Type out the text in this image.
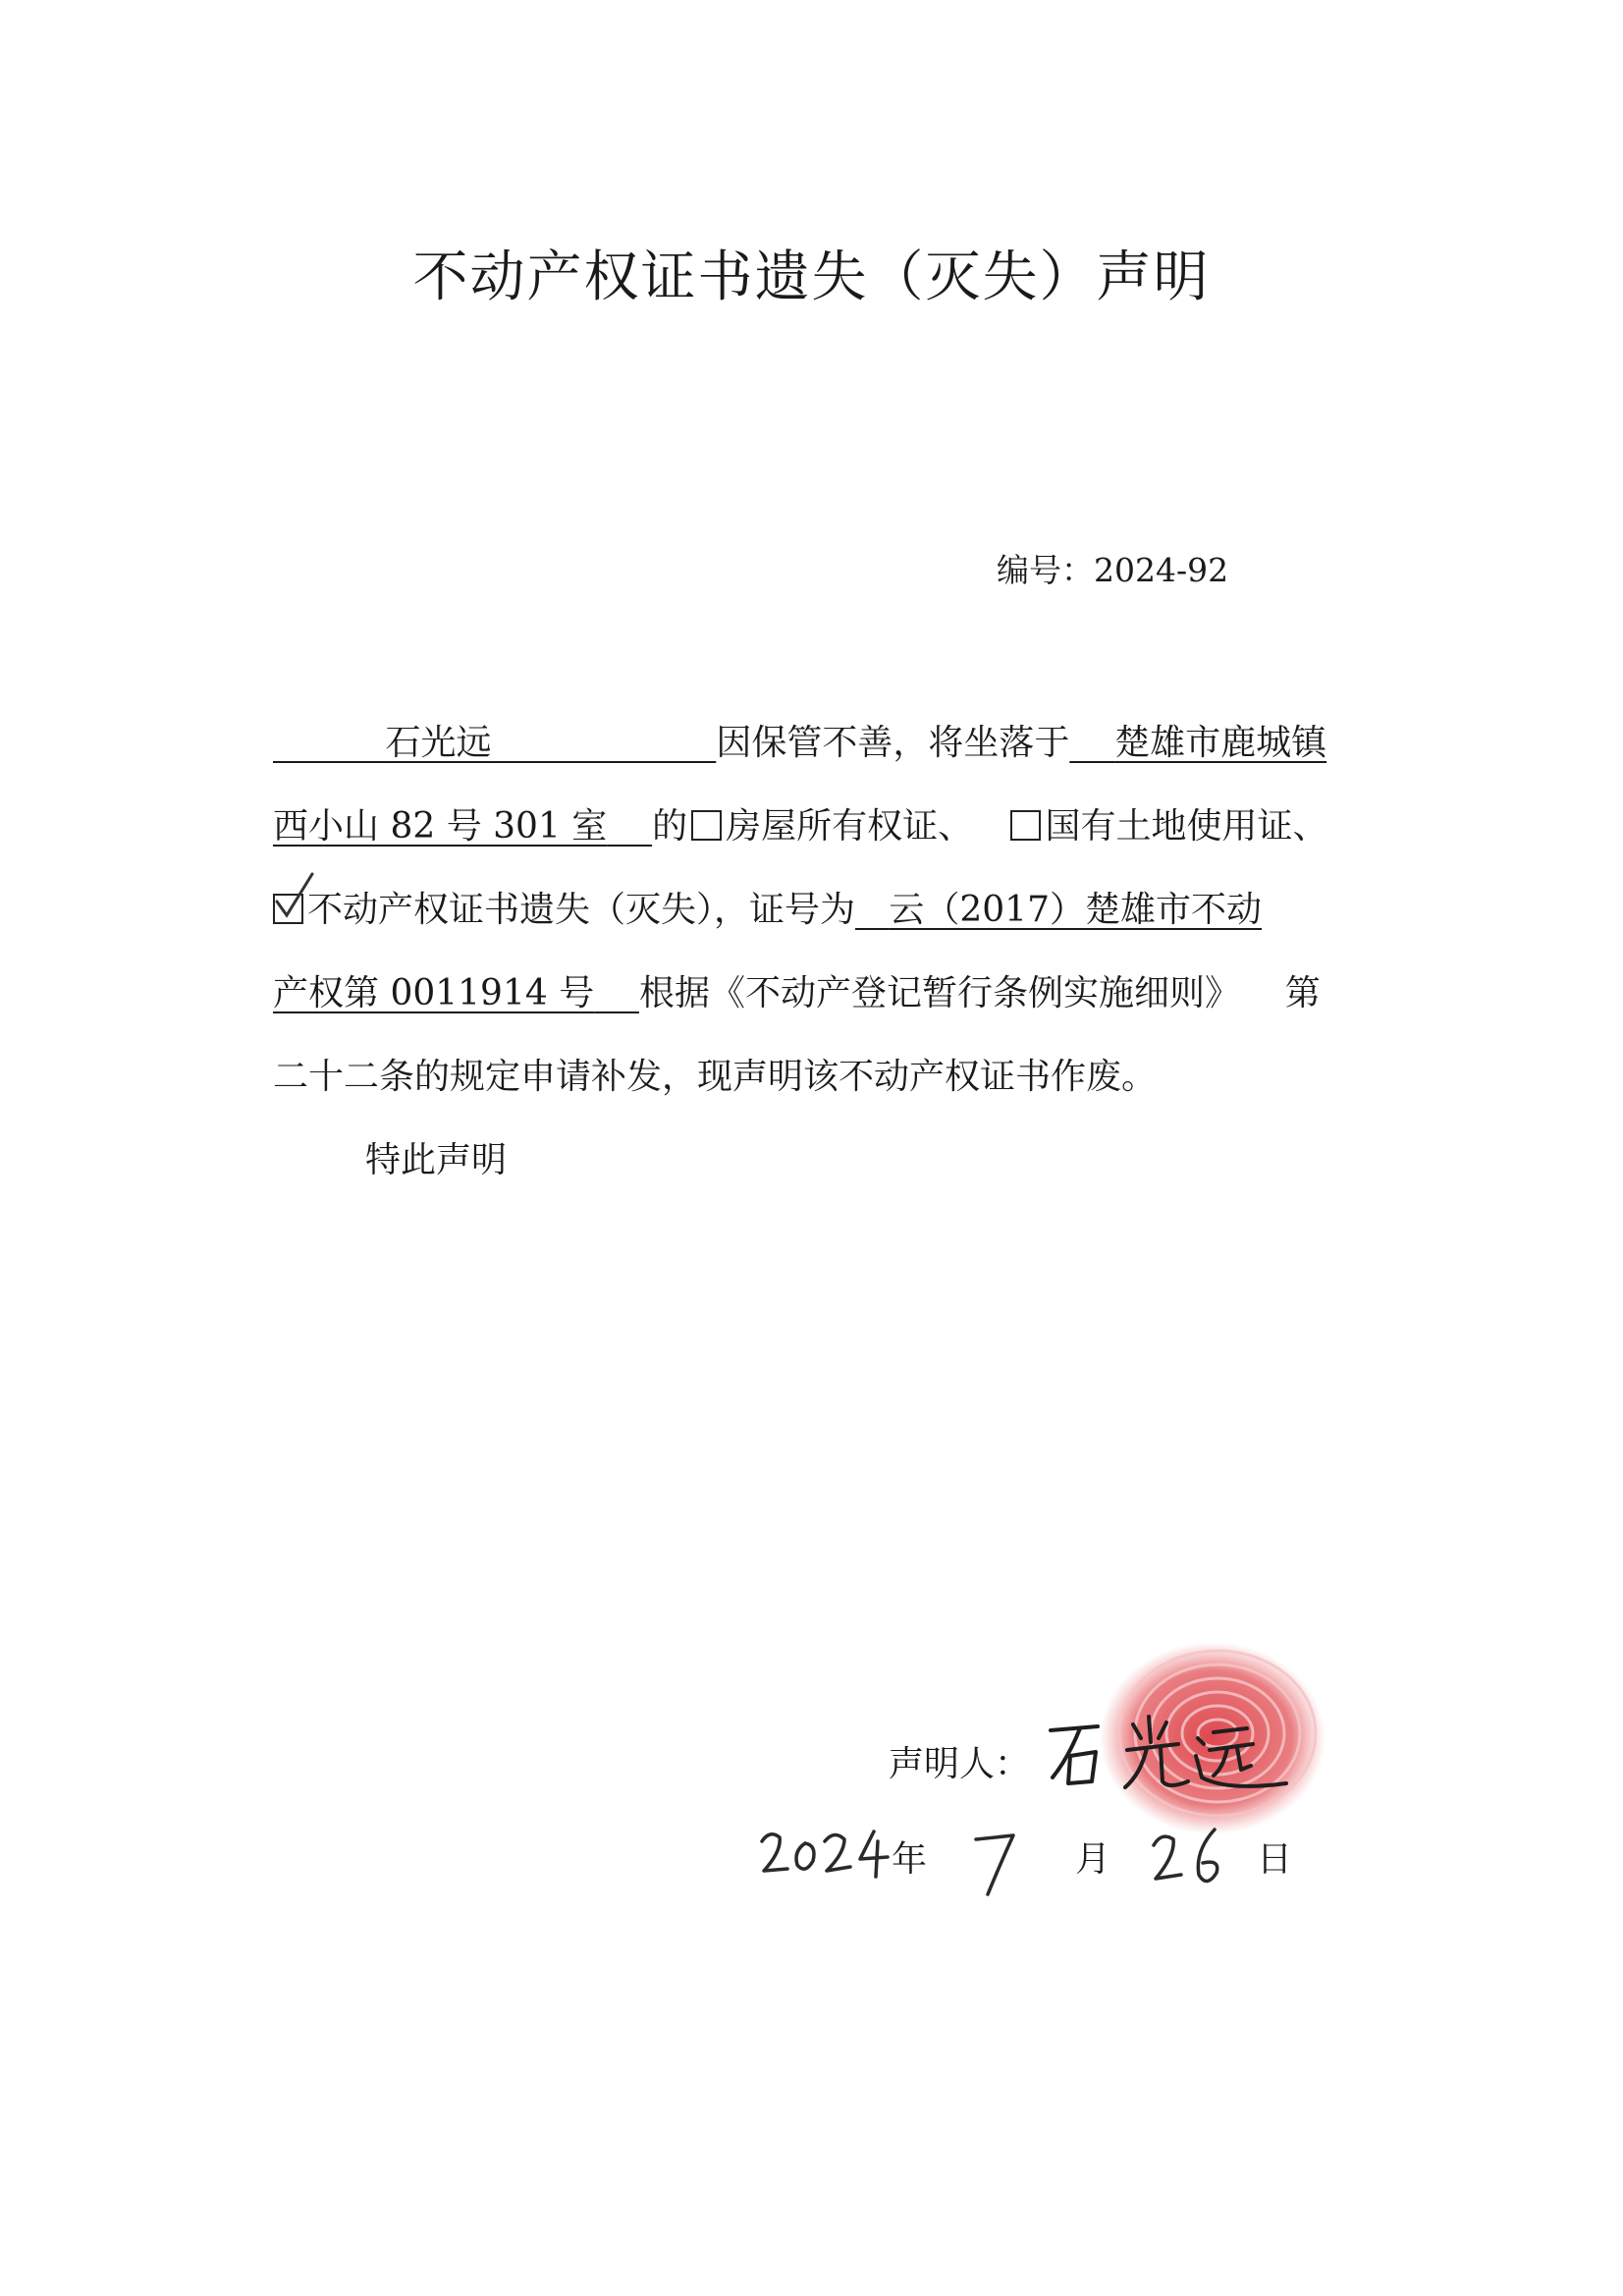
不动产权证书遗失（灭失）声明
编号：2024-92
石光远	因保管不善，将坐落于 楚雄市鹿城镇
西小山 82 号 301 室 的 房屋所有权证、 国有土地使用证、
不动产权证书遗失（灭失），证号为 云（2017）楚雄市不动
产权第 0011914 号 根据《不动产登记暂行条例实施细则》 第
二十二条的规定申请补发，现声明该不动产权证书作废。
特此声明
声明人：
年	月	日
